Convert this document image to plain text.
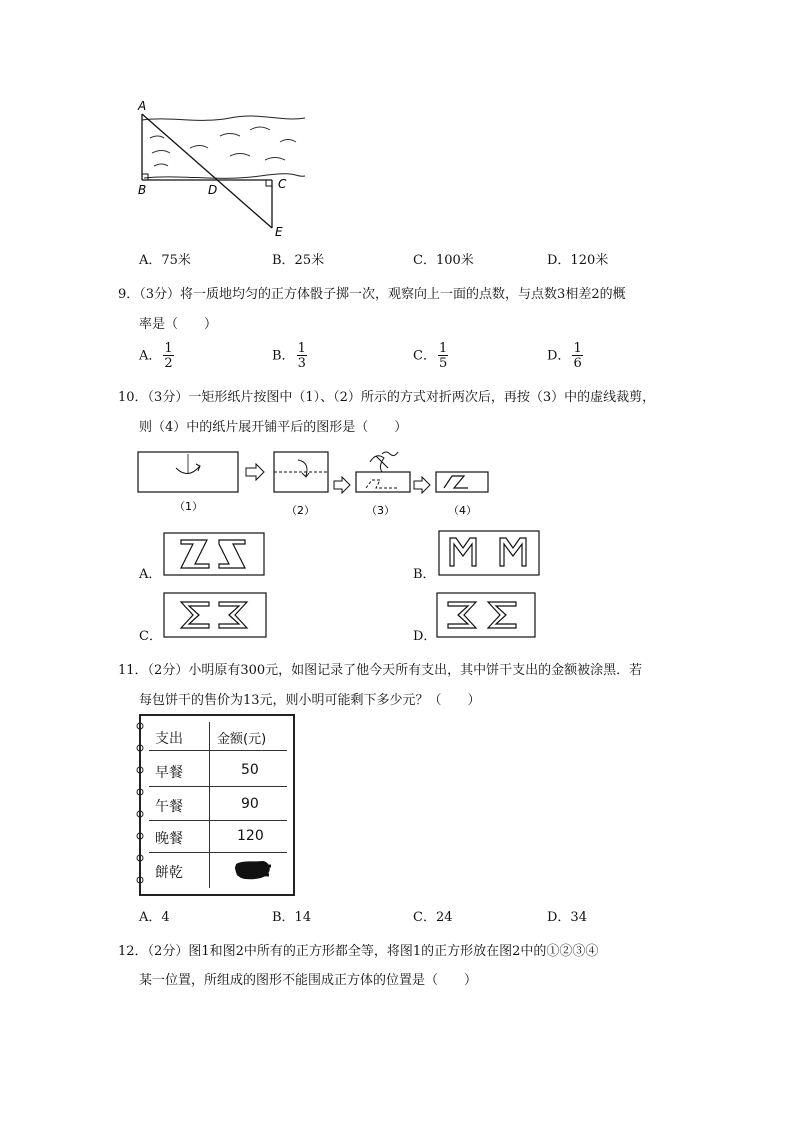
A
B	D	C
E
A．75米	B．25米	C．100米	D．120米
9．（3分）将一质地均匀的正方体骰子掷一次，观察向上一面的点数，与点数3相差2的概
率是（　　）
A． $\frac{1}{2}$	B． $\frac{1}{3}$	C． $\frac{1}{5}$	D． $\frac{1}{6}$
10．（3分）一矩形纸片按图中（1）、（2）所示的方式对折两次后，再按（3）中的虚线裁剪，
则（4）中的纸片展开铺平后的图形是（　　）
（1）	（2）	（3）	（4）
A．	B．
C．	D．
11．（2分）小明原有300元，如图记录了他今天所有支出，其中饼干支出的金额被涂黑．若
每包饼干的售价为13元，则小明可能剩下多少元？（　　）
支出	金额(元)
早餐	50
午餐	90
晚餐	120
餅乾
A．4	B．14	C．24	D．34
12．（2分）图1和图2中所有的正方形都全等，将图1的正方形放在图2中的①②③④
某一位置，所组成的图形不能围成正方体的位置是（　　）
